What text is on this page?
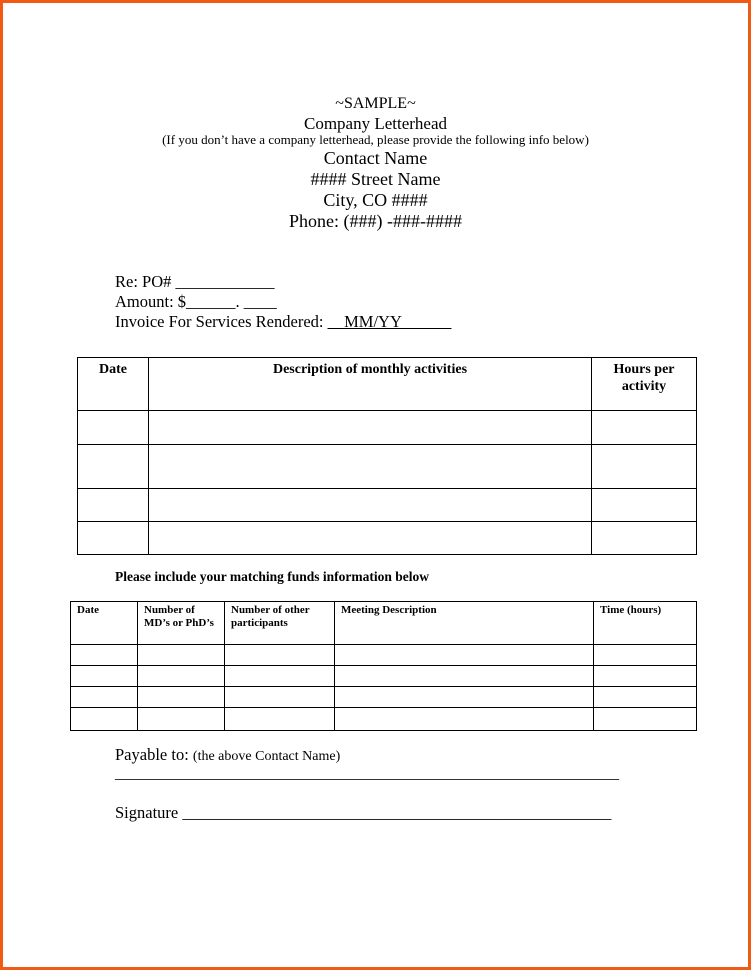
~SAMPLE~
Company Letterhead
(If you don’t have a company letterhead, please provide the following info below)
Contact Name
#### Street Name
City, CO ####
Phone: (###) -###-####
Re: PO# ____________
Amount: $______. ____
Invoice For Services Rendered: __MM/YY______
Date	Description of monthly activities	Hours per activity

Please include your matching funds information below
Date	Number of MD’s or PhD’s	Number of other participants	Meeting Description	Time (hours)

Payable to: (the above Contact Name)
_______________________________________________________________
Signature ____________________________________________________
